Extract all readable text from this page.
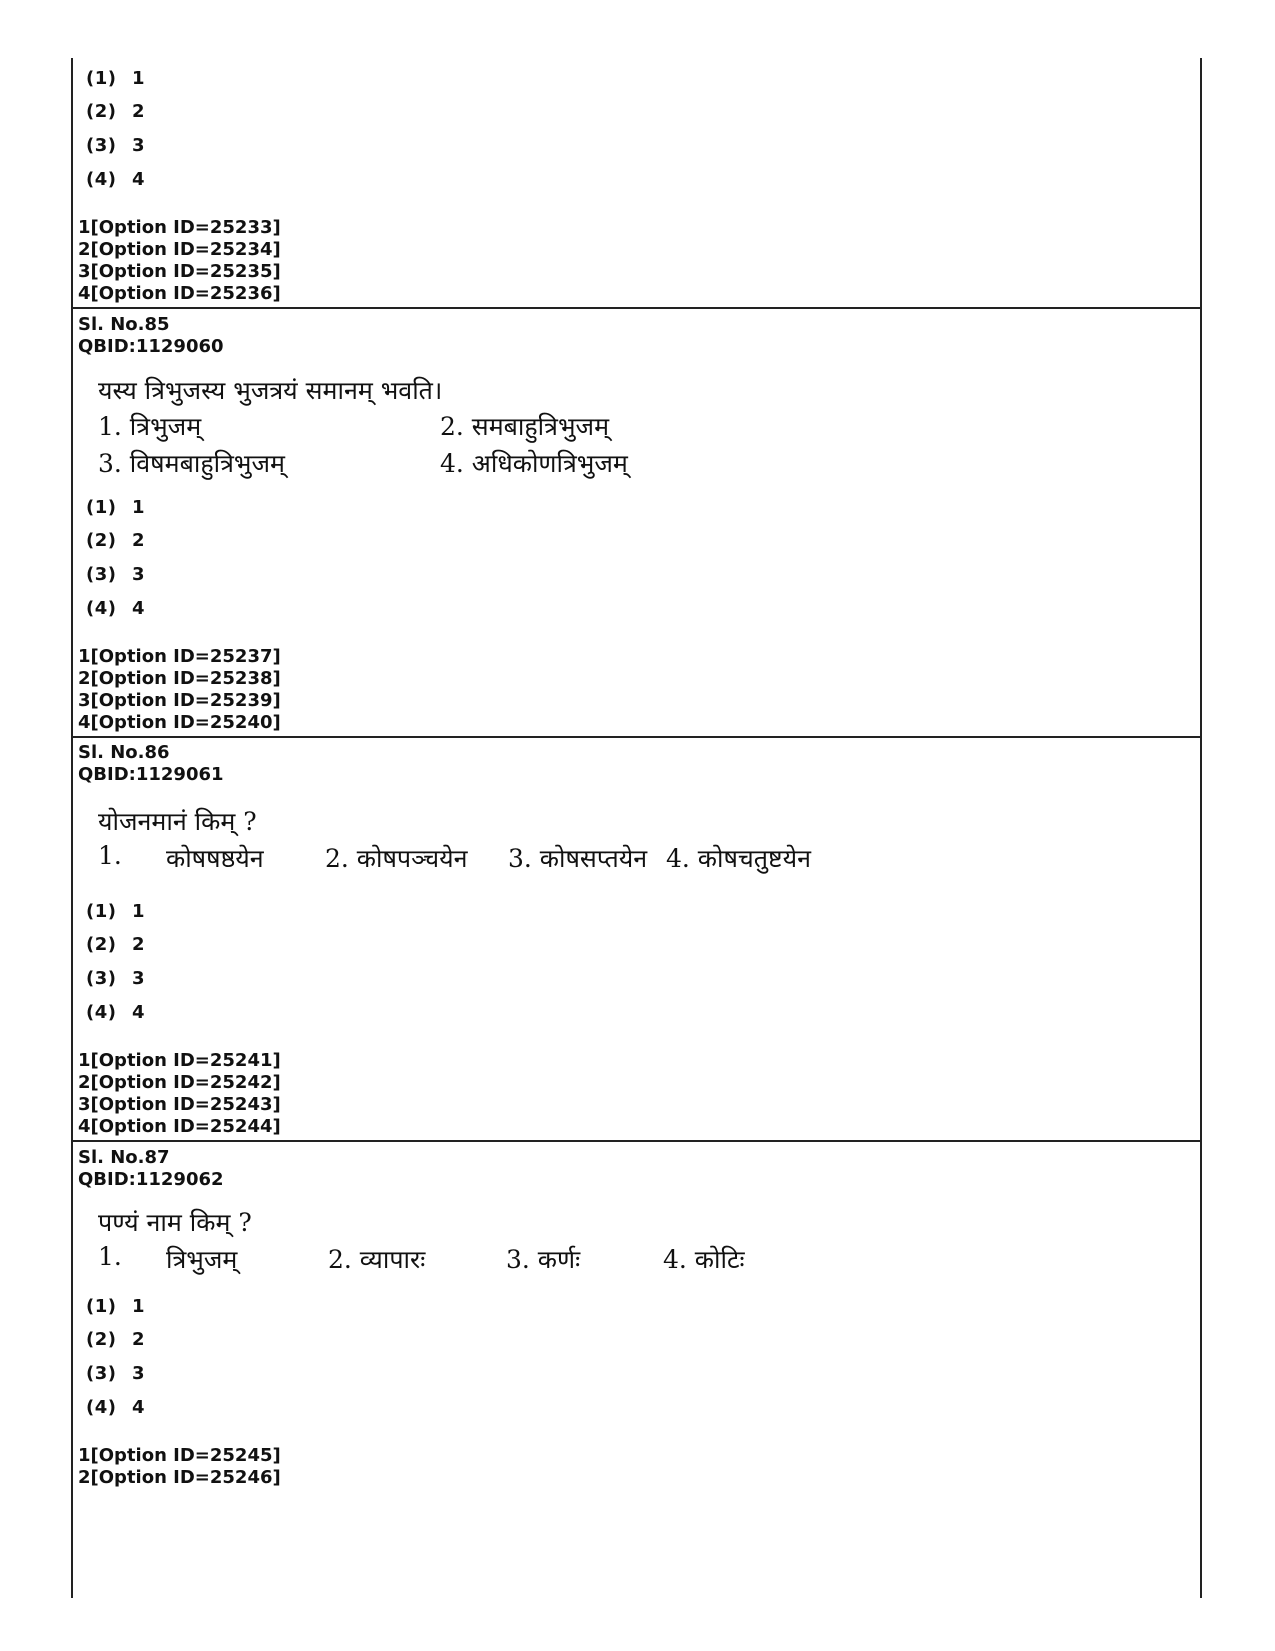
(1) 1
(2) 2
(3) 3
(4) 4
1[Option ID=25233]
2[Option ID=25234]
3[Option ID=25235]
4[Option ID=25236]
Sl. No.85
QBID:1129060
यस्य त्रिभुजस्य भुजत्रयं समानम् भवति।
1. त्रिभुजम्	2. समबाहुत्रिभुजम्
3. विषमबाहुत्रिभुजम्	4. अधिकोणत्रिभुजम्
(1) 1
(2) 2
(3) 3
(4) 4
1[Option ID=25237]
2[Option ID=25238]
3[Option ID=25239]
4[Option ID=25240]
Sl. No.86
QBID:1129061
योजनमानं किम् ?
1. कोषषष्ठयेन 2. कोषपञ्चयेन 3. कोषसप्तयेन 4. कोषचतुष्टयेन
(1) 1
(2) 2
(3) 3
(4) 4
1[Option ID=25241]
2[Option ID=25242]
3[Option ID=25243]
4[Option ID=25244]
Sl. No.87
QBID:1129062
पण्यं नाम किम् ?
1. त्रिभुजम्	2. व्यापारः	3. कर्णः	4. कोटिः
(1) 1
(2) 2
(3) 3
(4) 4
1[Option ID=25245]
2[Option ID=25246]
